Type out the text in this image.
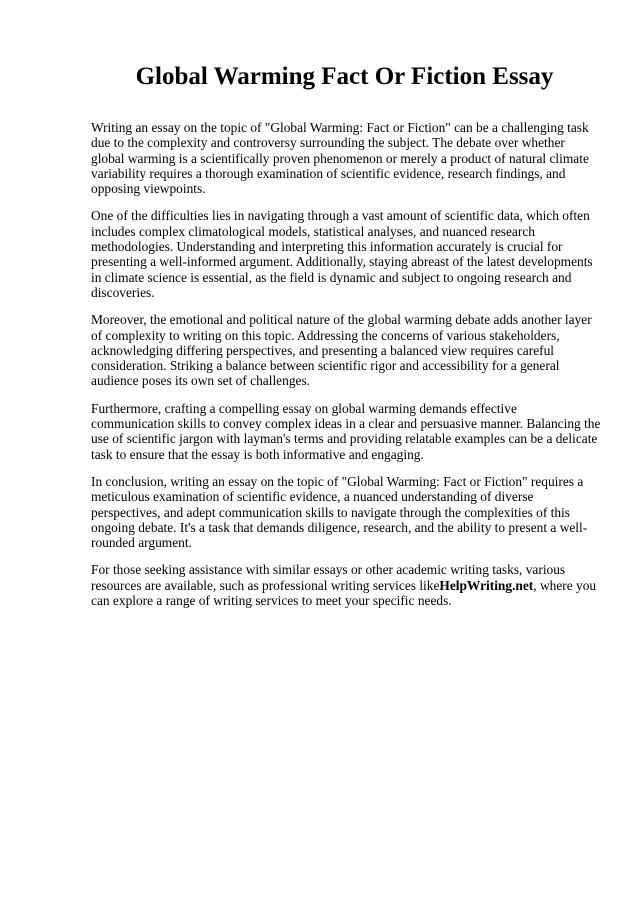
Global Warming Fact Or Fiction Essay

Writing an essay on the topic of "Global Warming: Fact or Fiction" can be a challenging task due to the complexity and controversy surrounding the subject. The debate over whether global warming is a scientifically proven phenomenon or merely a product of natural climate variability requires a thorough examination of scientific evidence, research findings, and opposing viewpoints.

One of the difficulties lies in navigating through a vast amount of scientific data, which often includes complex climatological models, statistical analyses, and nuanced research methodologies. Understanding and interpreting this information accurately is crucial for presenting a well-informed argument. Additionally, staying abreast of the latest developments in climate science is essential, as the field is dynamic and subject to ongoing research and discoveries.

Moreover, the emotional and political nature of the global warming debate adds another layer of complexity to writing on this topic. Addressing the concerns of various stakeholders, acknowledging differing perspectives, and presenting a balanced view requires careful consideration. Striking a balance between scientific rigor and accessibility for a general audience poses its own set of challenges.

Furthermore, crafting a compelling essay on global warming demands effective communication skills to convey complex ideas in a clear and persuasive manner. Balancing the use of scientific jargon with layman's terms and providing relatable examples can be a delicate task to ensure that the essay is both informative and engaging.

In conclusion, writing an essay on the topic of "Global Warming: Fact or Fiction" requires a meticulous examination of scientific evidence, a nuanced understanding of diverse perspectives, and adept communication skills to navigate through the complexities of this ongoing debate. It's a task that demands diligence, research, and the ability to present a well-rounded argument.

For those seeking assistance with similar essays or other academic writing tasks, various resources are available, such as professional writing services likeHelpWriting.net, where you can explore a range of writing services to meet your specific needs.
